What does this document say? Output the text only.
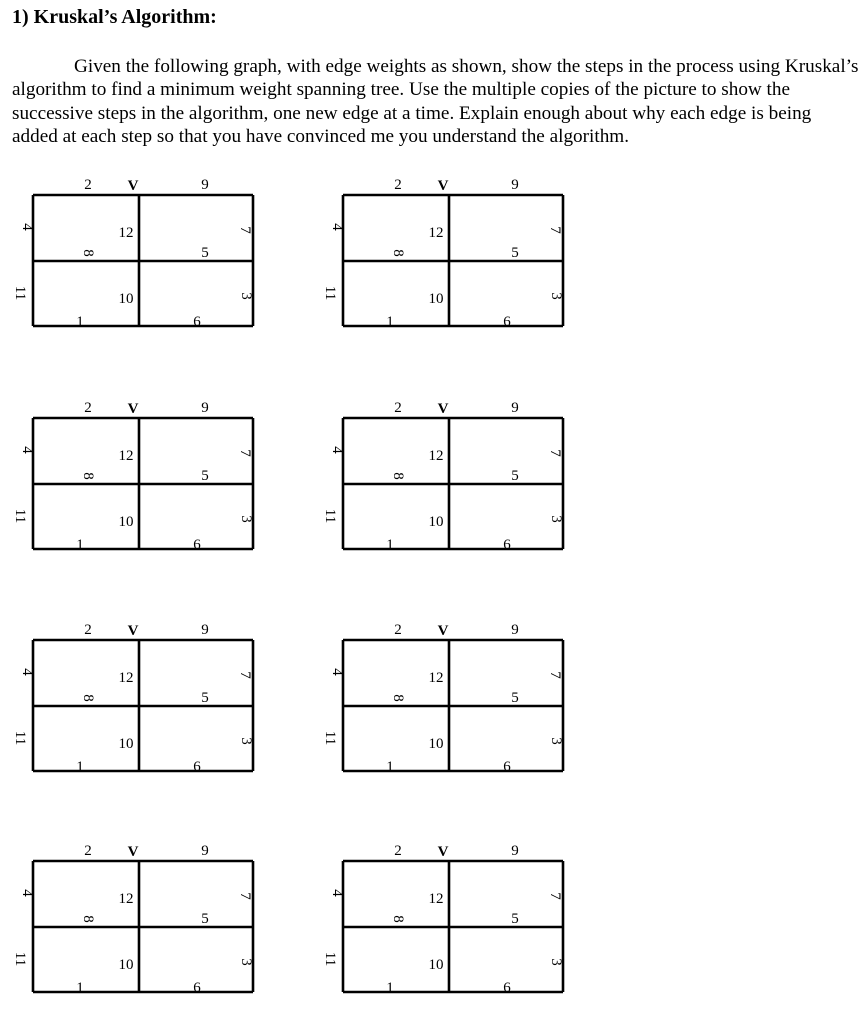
1) Kruskal’s Algorithm:

Given the following graph, with edge weights as shown, show the steps in the process using Kruskal’s algorithm to find a minimum weight spanning tree. Use the multiple copies of the picture to show the successive steps in the algorithm, one new edge at a time. Explain enough about why each edge is being added at each step so that you have convinced me you understand the algorithm.

2	9
4
11
12
10
7
3
8	5
1	6
V	2	9
4
11
12
10
7
3
8	5
1	6
V
2	9
4
11
12
10
7
3
8	5
1	6
V	2	9
4
11
12
10
7
3
8	5
1	6
V
2	9
4
11
12
10
7
3
8	5
1	6
V	2	9
4
11
12
10
7
3
8	5
1	6
V
2	9
4
11
12
10
7
3
8	5
1	6
V	2	9
4
11
12
10
7
3
8	5
1	6
V
